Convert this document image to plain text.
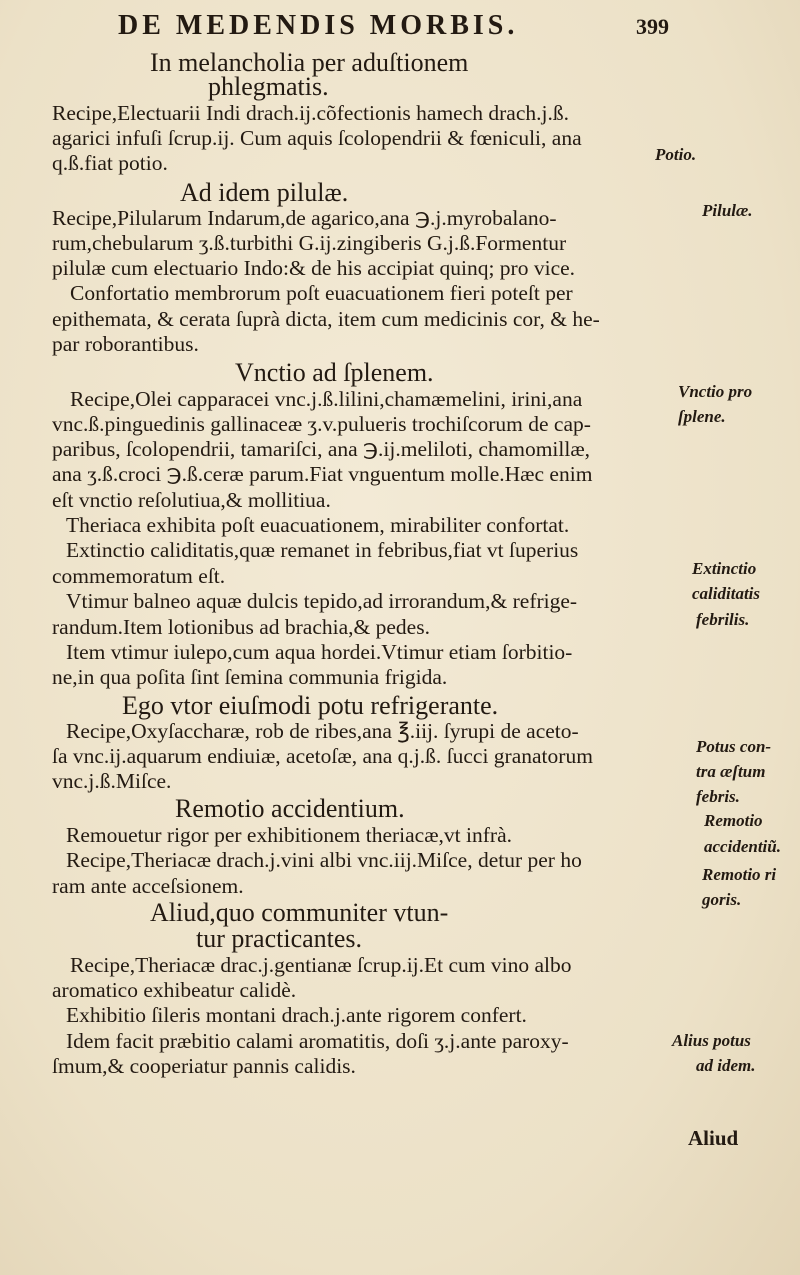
DE MEDENDIS MORBIS.	399
In melancholia per aduſtionem
phlegmatis.
Recipe,Electuarii Indi drach.ij.cõfectionis hamech drach.j.ß.
agarici infuſi ſcrup.ij. Cum aquis ſcolopendrii & fœniculi, ana
q.ß.fiat potio.
Ad idem pilulæ.
Recipe,Pilularum Indarum,de agarico,ana ℈.j.myrobalano-
rum,chebularum ʒ.ß.turbithi G.ij.zingiberis G.j.ß.Formentur
pilulæ cum electuario Indo:& de his accipiat quinq; pro vice.
Confortatio membrorum poſt euacuationem fieri poteſt per
epithemata, & cerata ſuprà dicta, item cum medicinis cor, & he-
par roborantibus.
Vnctio ad ſplenem.
Recipe,Olei capparacei vnc.j.ß.lilini,chamæmelini, irini,ana
vnc.ß.pinguedinis gallinaceæ ʒ.v.pulueris trochiſcorum de cap-
paribus, ſcolopendrii, tamariſci, ana ℈.ij.meliloti, chamomillæ,
ana ʒ.ß.croci ℈.ß.ceræ parum.Fiat vnguentum molle.Hæc enim
eſt vnctio reſolutiua,& mollitiua.
Theriaca exhibita poſt euacuationem, mirabiliter confortat.
Extinctio caliditatis,quæ remanet in febribus,fiat vt ſuperius
commemoratum eſt.
Vtimur balneo aquæ dulcis tepido,ad irrorandum,& refrige-
randum.Item lotionibus ad brachia,& pedes.
Item vtimur iulepo,cum aqua hordei.Vtimur etiam ſorbitio-
ne,in qua poſita ſint ſemina communia frigida.
Ego vtor eiuſmodi potu refrigerante.
Recipe,Oxyſaccharæ, rob de ribes,ana ℥.iij. ſyrupi de aceto-
ſa vnc.ij.aquarum endiuiæ, acetoſæ, ana q.j.ß. ſucci granatorum
vnc.j.ß.Miſce.
Remotio accidentium.
Remouetur rigor per exhibitionem theriacæ,vt infrà.
Recipe,Theriacæ drach.j.vini albi vnc.iij.Miſce, detur per ho
ram ante acceſsionem.
Aliud,quo communiter vtun-
tur practicantes.
Recipe,Theriacæ drac.j.gentianæ ſcrup.ij.Et cum vino albo
aromatico exhibeatur calidè.
Exhibitio ſileris montani drach.j.ante rigorem confert.
Idem facit præbitio calami aromatitis, doſi ʒ.j.ante paroxy-
ſmum,& cooperiatur pannis calidis.
Potio.
Pilulæ.
Vnctio pro
ſplene.
Extinctio
caliditatis
febrilis.
Potus con-
tra æſtum
febris.
Remotio
accidentiũ.
Remotio ri
goris.
Alius potus
ad idem.
Aliud
